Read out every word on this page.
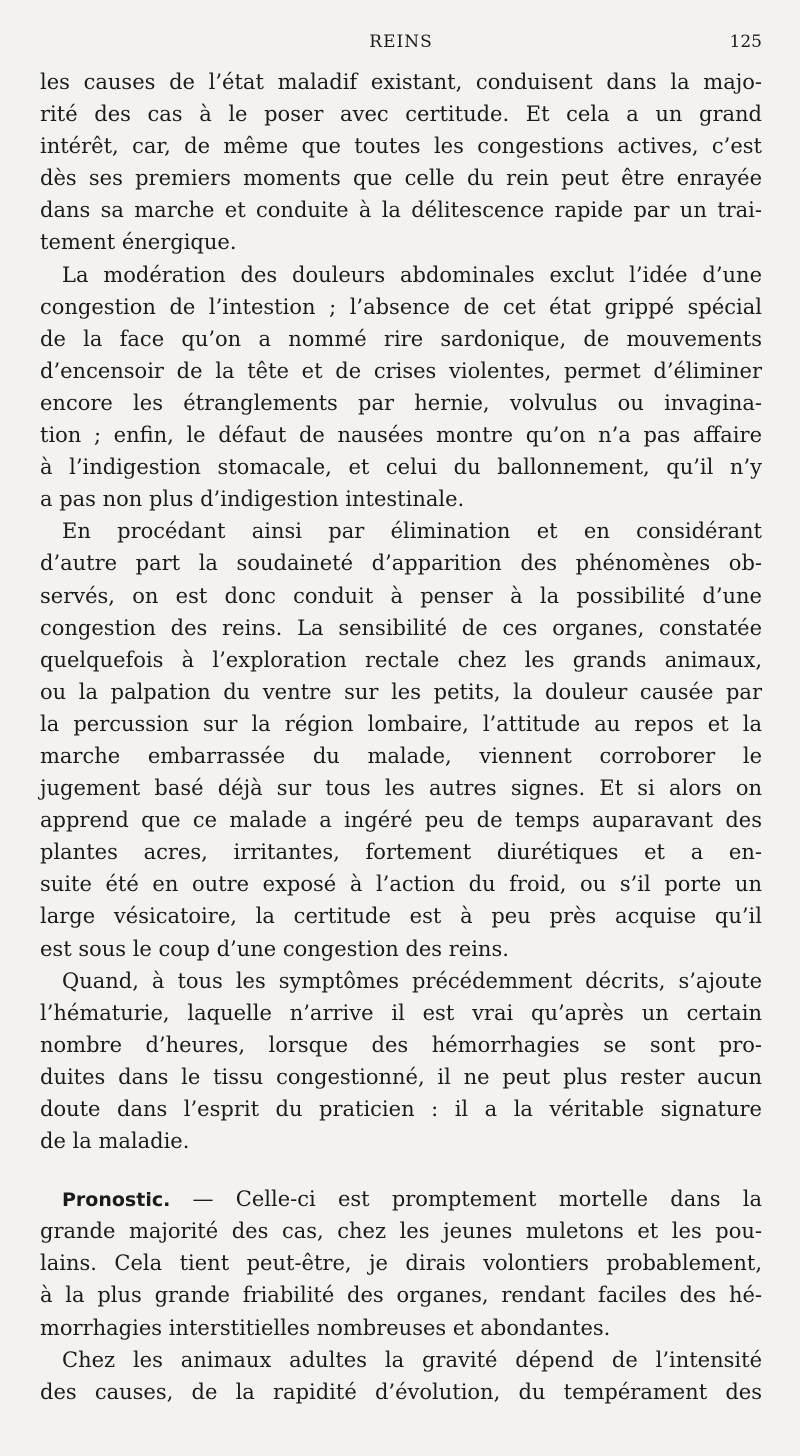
REINS	125
les causes de l’état maladif existant, conduisent dans la majo-
rité des cas à le poser avec certitude. Et cela a un grand
intérêt, car, de même que toutes les congestions actives, c’est
dès ses premiers moments que celle du rein peut être enrayée
dans sa marche et conduite à la délitescence rapide par un trai-
tement énergique.
La modération des douleurs abdominales exclut l’idée d’une
congestion de l’intestion ; l’absence de cet état grippé spécial
de la face qu’on a nommé rire sardonique, de mouvements
d’encensoir de la tête et de crises violentes, permet d’éliminer
encore les étranglements par hernie, volvulus ou invagina-
tion ; enfin, le défaut de nausées montre qu’on n’a pas affaire
à l’indigestion stomacale, et celui du ballonnement, qu’il n’y
a pas non plus d’indigestion intestinale.
En procédant ainsi par élimination et en considérant
d’autre part la soudaineté d’apparition des phénomènes ob-
servés, on est donc conduit à penser à la possibilité d’une
congestion des reins. La sensibilité de ces organes, constatée
quelquefois à l’exploration rectale chez les grands animaux,
ou la palpation du ventre sur les petits, la douleur causée par
la percussion sur la région lombaire, l’attitude au repos et la
marche embarrassée du malade, viennent corroborer le
jugement basé déjà sur tous les autres signes. Et si alors on
apprend que ce malade a ingéré peu de temps auparavant des
plantes acres, irritantes, fortement diurétiques et a en-
suite été en outre exposé à l’action du froid, ou s’il porte un
large vésicatoire, la certitude est à peu près acquise qu’il
est sous le coup d’une congestion des reins.
Quand, à tous les symptômes précédemment décrits, s’ajoute
l’hématurie, laquelle n’arrive il est vrai qu’après un certain
nombre d’heures, lorsque des hémorrhagies se sont pro-
duites dans le tissu congestionné, il ne peut plus rester aucun
doute dans l’esprit du praticien : il a la véritable signature
de la maladie.
Pronostic. — Celle-ci est promptement mortelle dans la
grande majorité des cas, chez les jeunes muletons et les pou-
lains. Cela tient peut-être, je dirais volontiers probablement,
à la plus grande friabilité des organes, rendant faciles des hé-
morrhagies interstitielles nombreuses et abondantes.
Chez les animaux adultes la gravité dépend de l’intensité
des causes, de la rapidité d’évolution, du tempérament des
